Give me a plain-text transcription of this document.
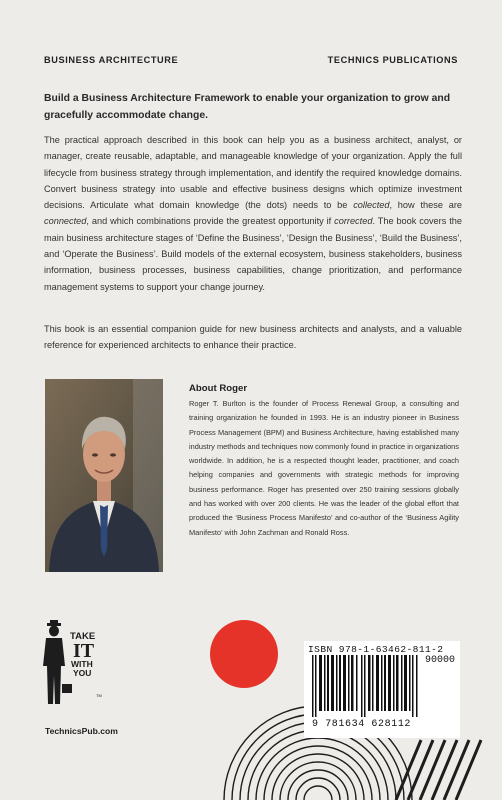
BUSINESS ARCHITECTURE	TECHNICS PUBLICATIONS
Build a Business Architecture Framework to enable your organization to grow and gracefully accommodate change.

The practical approach described in this book can help you as a business architect, analyst, or manager, create reusable, adaptable, and manageable knowledge of your organization. Apply the full lifecycle from business strategy through implementation, and identify the required knowledge domains. Convert business strategy into usable and effective business designs which optimize investment decisions. Articulate what domain knowledge (the dots) needs to be collected, how these are connected, and which combinations provide the greatest opportunity if corrected. The book covers the main business architecture stages of ‘Define the Business’, ‘Design the Business’, ‘Build the Business’, and ‘Operate the Business’. Build models of the external ecosystem, business stakeholders, business information, business processes, business capabilities, change prioritization, and performance management systems to support your change journey.

This book is an essential companion guide for new business architects and analysts, and a valuable reference for experienced architects to enhance their practice.

About Roger
Roger T. Burlton is the founder of Process Renewal Group, a consulting and training organization he founded in 1993. He is an industry pioneer in Business Process Management (BPM) and Business Architecture, having established many industry methods and techniques now commonly found in practice in organizations worldwide. In addition, he is a respected thought leader, practitioner, and coach helping companies and governments with strategic methods for improving business performance. Roger has presented over 250 training sessions globally and has worked with over 200 clients. He was the leader of the global effort that produced the ‘Business Process Manifesto’ and co-author of the ‘Business Agility Manifesto’ with John Zachman and Ronald Ross.
TAKE
IT
WITH
YOU
TM
TechnicsPub.com
ISBN 978-1-63462-811-2
90000
9 781634 628112
